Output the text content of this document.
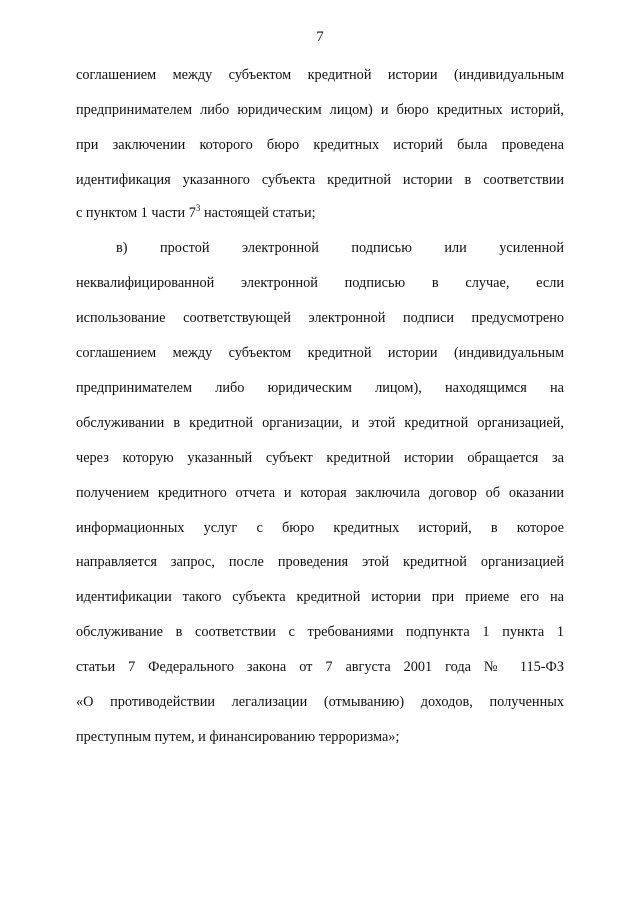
7
соглашением между субъектом кредитной истории (индивидуальным
предпринимателем либо юридическим лицом) и бюро кредитных историй,
при заключении которого бюро кредитных историй была проведена
идентификация указанного субъекта кредитной истории в соответствии
с пунктом 1 части $7^3$ настоящей статьи;
в) простой электронной подписью или усиленной
неквалифицированной электронной подписью в случае, если
использование соответствующей электронной подписи предусмотрено
соглашением между субъектом кредитной истории (индивидуальным
предпринимателем либо юридическим лицом), находящимся на
обслуживании в кредитной организации, и этой кредитной организацией,
через которую указанный субъект кредитной истории обращается за
получением кредитного отчета и которая заключила договор об оказании
информационных услуг с бюро кредитных историй, в которое
направляется запрос, после проведения этой кредитной организацией
идентификации такого субъекта кредитной истории при приеме его на
обслуживание в соответствии с требованиями подпункта 1 пункта 1
статьи 7 Федерального закона от 7 августа 2001 года № 115-ФЗ
«О противодействии легализации (отмыванию) доходов, полученных
преступным путем, и финансированию терроризма»;
